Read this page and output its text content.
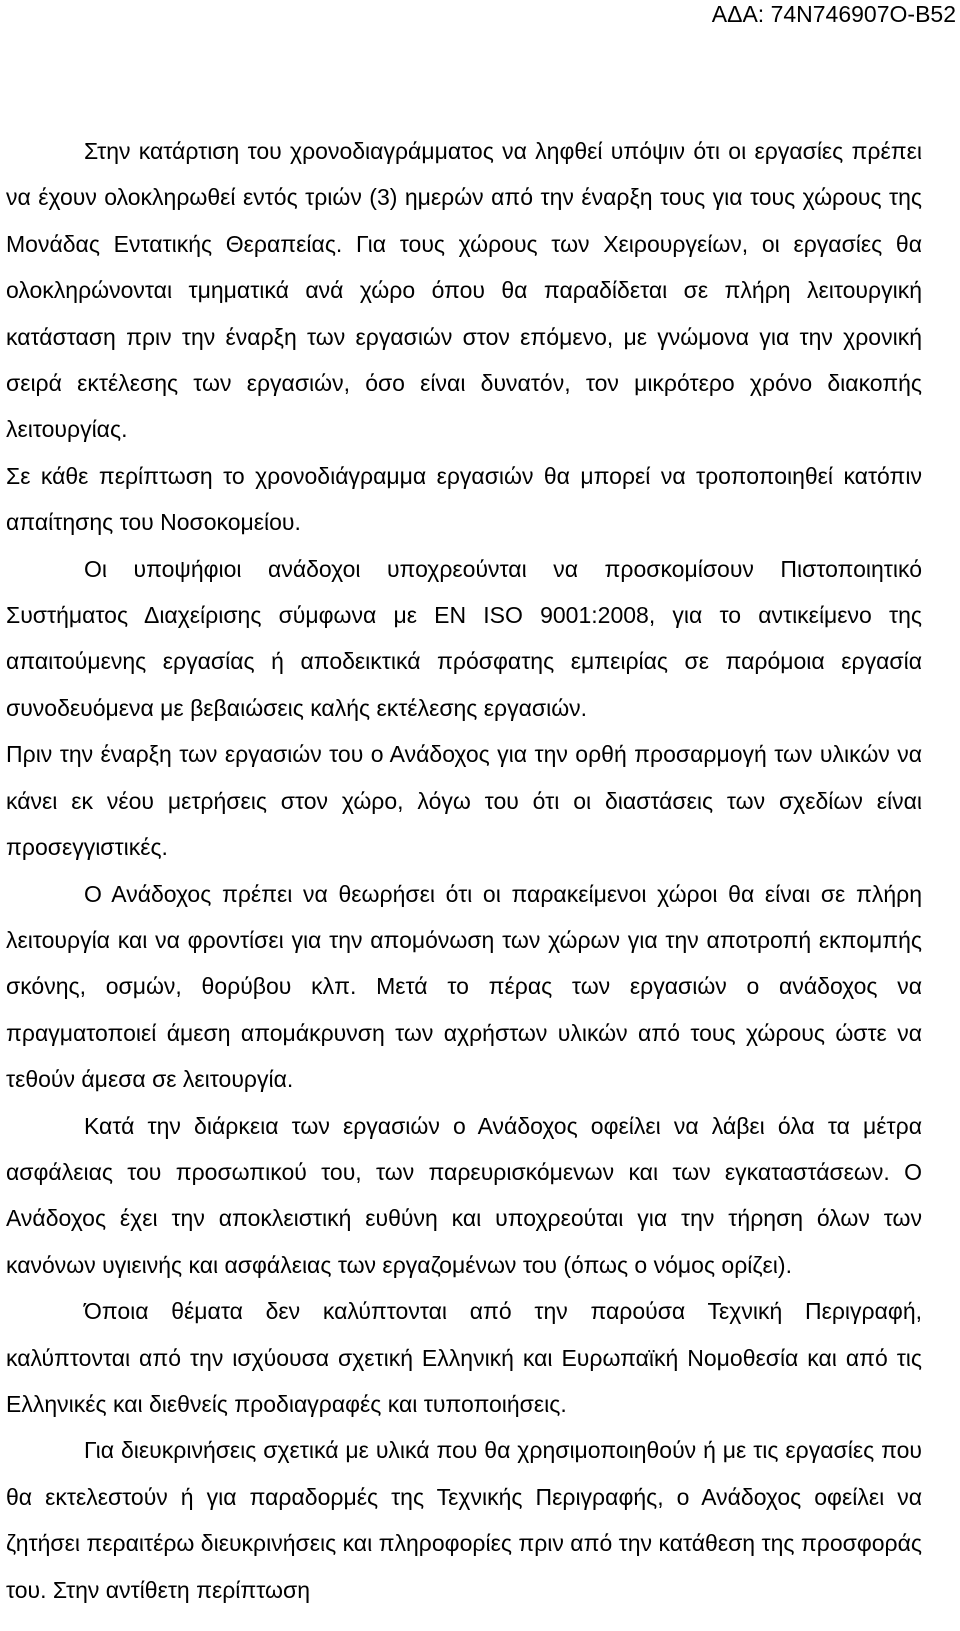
ΑΔΑ: 74Ν746907Ο-Β52

Στην κατάρτιση του χρονοδιαγράμματος να ληφθεί υπόψιν ότι οι εργασίες πρέπει να έχουν ολοκληρωθεί εντός τριών (3) ημερών από την έναρξη τους για τους χώρους της Μονάδας Εντατικής Θεραπείας. Για τους χώρους των Χειρουργείων, οι εργασίες θα ολοκληρώνονται τμηματικά ανά χώρο όπου θα παραδίδεται σε πλήρη λειτουργική κατάσταση πριν την έναρξη των εργασιών στον επόμενο, με γνώμονα για την χρονική σειρά εκτέλεσης των εργασιών, όσο είναι δυνατόν, τον μικρότερο χρόνο διακοπής λειτουργίας.

Σε κάθε περίπτωση το χρονοδιάγραμμα εργασιών θα μπορεί να τροποποιηθεί κατόπιν απαίτησης του Νοσοκομείου.

Οι υποψήφιοι ανάδοχοι υποχρεούνται να προσκομίσουν Πιστοποιητικό Συστήματος Διαχείρισης σύμφωνα με ΕΝ ISO 9001:2008, για το αντικείμενο της απαιτούμενης εργασίας ή αποδεικτικά πρόσφατης εμπειρίας σε παρόμοια εργασία συνοδευόμενα με βεβαιώσεις καλής εκτέλεσης εργασιών.

Πριν την έναρξη των εργασιών του ο Ανάδοχος για την ορθή προσαρμογή των υλικών να κάνει εκ νέου μετρήσεις στον χώρο, λόγω του ότι οι διαστάσεις των σχεδίων είναι προσεγγιστικές.

Ο Ανάδοχος πρέπει να θεωρήσει ότι οι παρακείμενοι χώροι θα είναι σε πλήρη λειτουργία και να φροντίσει για την απομόνωση των χώρων για την αποτροπή εκπομπής σκόνης, οσμών, θορύβου κλπ. Μετά το πέρας των εργασιών ο ανάδοχος να πραγματοποιεί άμεση απομάκρυνση των αχρήστων υλικών από τους χώρους ώστε να τεθούν άμεσα σε λειτουργία.

Κατά την διάρκεια των εργασιών ο Ανάδοχος οφείλει να λάβει όλα τα μέτρα ασφάλειας του προσωπικού του, των παρευρισκόμενων και των εγκαταστάσεων. Ο Ανάδοχος έχει την αποκλειστική ευθύνη και υποχρεούται για την τήρηση όλων των κανόνων υγιεινής και ασφάλειας των εργαζομένων του (όπως ο νόμος ορίζει).

Όποια θέματα δεν καλύπτονται από την παρούσα Τεχνική Περιγραφή, καλύπτονται από την ισχύουσα σχετική Ελληνική και Ευρωπαϊκή Νομοθεσία και από τις Ελληνικές και διεθνείς προδιαγραφές και τυποποιήσεις.

Για διευκρινήσεις σχετικά με υλικά που θα χρησιμοποιηθούν ή με τις εργασίες που θα εκτελεστούν ή για παραδορμές της Τεχνικής Περιγραφής, ο Ανάδοχος οφείλει να ζητήσει περαιτέρω διευκρινήσεις και πληροφορίες πριν από την κατάθεση της προσφοράς του. Στην αντίθετη περίπτωση
